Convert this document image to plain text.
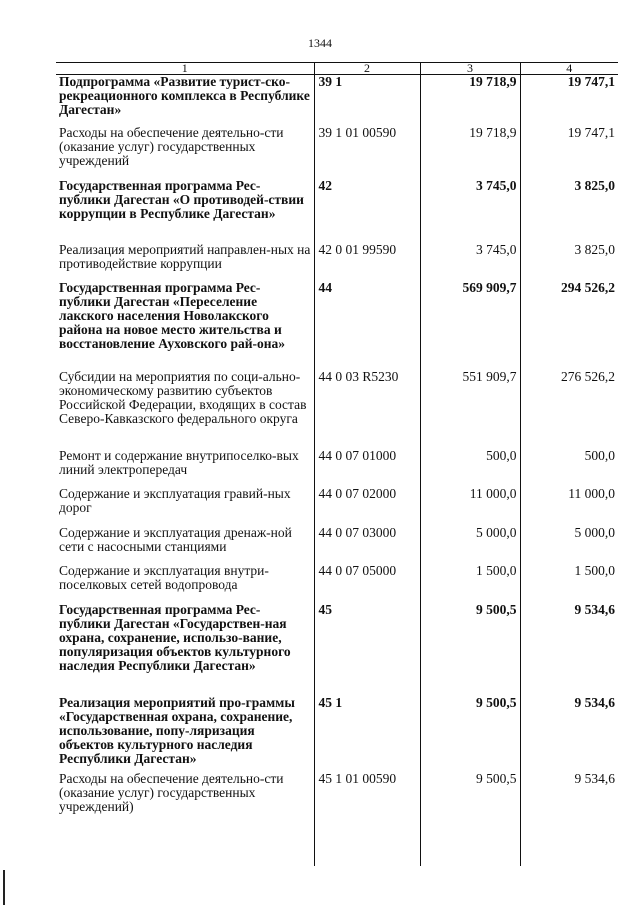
1344
1	2	3	4
Подпрограмма «Развитие турист-ско-рекреационного комплекса в Республике Дагестан»	39 1	19 718,9	19 747,1
Расходы на обеспечение деятельно-сти (оказание услуг) государственных учреждений	39 1 01 00590	19 718,9	19 747,1
Государственная программа Рес-публики Дагестан «О противодей-ствии коррупции в Республике Дагестан»	42	3 745,0	3 825,0
Реализация мероприятий направлен-ных на противодействие коррупции	42 0 01 99590	3 745,0	3 825,0
Государственная программа Рес-публики Дагестан «Переселение лакского населения Новолакского района на новое место жительства и восстановление Ауховского рай-она»	44	569 909,7	294 526,2
Субсидии на мероприятия по соци-ально-экономическому развитию субъектов Российской Федерации, входящих в состав Северо-Кавказского федерального округа	44 0 03 R5230	551 909,7	276 526,2
Ремонт и содержание внутрипоселко-вых линий электропередач	44 0 07 01000	500,0	500,0
Содержание и эксплуатация гравий-ных дорог	44 0 07 02000	11 000,0	11 000,0
Содержание и эксплуатация дренаж-ной сети с насосными станциями	44 0 07 03000	5 000,0	5 000,0
Содержание и эксплуатация внутри-поселковых сетей водопровода	44 0 07 05000	1 500,0	1 500,0
Государственная программа Рес-публики Дагестан «Государствен-ная охрана, сохранение, использо-вание, популяризация объектов культурного наследия Республики Дагестан»	45	9 500,5	9 534,6
Реализация мероприятий про-граммы «Государственная охрана, сохранение, использование, попу-ляризация объектов культурного наследия Республики Дагестан»	45 1	9 500,5	9 534,6
Расходы на обеспечение деятельно-сти (оказание услуг) государственных учреждений)	45 1 01 00590	9 500,5	9 534,6
